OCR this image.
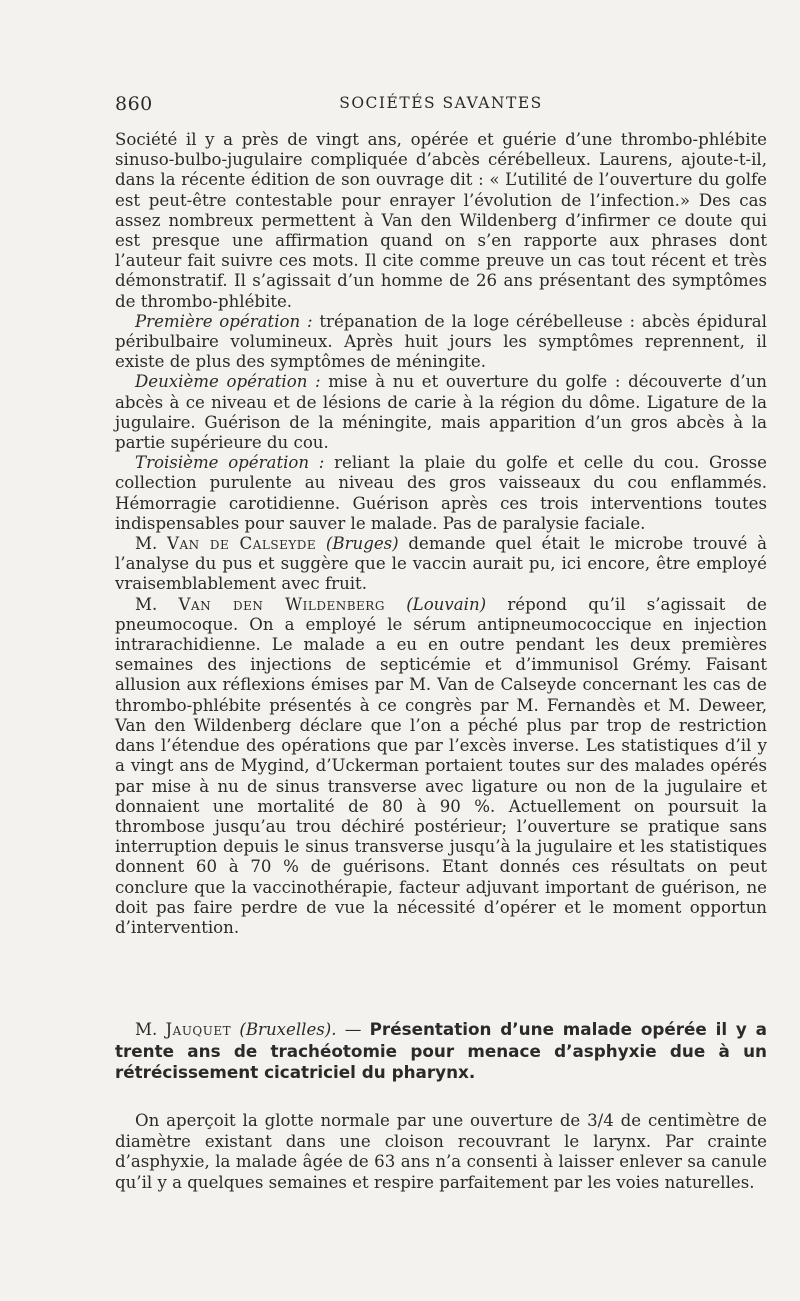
860	SOCIÉTÉS SAVANTES

Société il y a près de vingt ans, opérée et guérie d’une thrombo-phlébite sinuso-bulbo-jugulaire compliquée d’abcès cérébelleux. Laurens, ajoute-t-il, dans la récente édition de son ouvrage dit : « L’utilité de l’ouverture du golfe est peut-être contestable pour enrayer l’évolution de l’infection.» Des cas assez nombreux permettent à Van den Wildenberg d’infirmer ce doute qui est presque une affirmation quand on s’en rapporte aux phrases dont l’auteur fait suivre ces mots. Il cite comme preuve un cas tout récent et très démonstratif. Il s’agissait d’un homme de 26 ans présentant des symptômes de thrombo-phlébite.

Première opération : trépanation de la loge cérébelleuse : abcès épidural péribulbaire volumineux. Après huit jours les symptômes reprennent, il existe de plus des symptômes de méningite.

Deuxième opération : mise à nu et ouverture du golfe : découverte d’un abcès à ce niveau et de lésions de carie à la région du dôme. Ligature de la jugulaire. Guérison de la méningite, mais apparition d’un gros abcès à la partie supérieure du cou.

Troisième opération : reliant la plaie du golfe et celle du cou. Grosse collection purulente au niveau des gros vaisseaux du cou enflammés. Hémorragie carotidienne. Guérison après ces trois interventions toutes indispensables pour sauver le malade. Pas de paralysie faciale.

M. Van de Calseyde (Bruges) demande quel était le microbe trouvé à l’analyse du pus et suggère que le vaccin aurait pu, ici encore, être employé vraisemblablement avec fruit.

M. Van den Wildenberg (Louvain) répond qu’il s’agissait de pneumocoque. On a employé le sérum antipneumococcique en injection intrarachidienne. Le malade a eu en outre pendant les deux premières semaines des injections de septicémie et d’immunisol Grémy. Faisant allusion aux réflexions émises par M. Van de Calseyde concernant les cas de thrombo-phlébite présentés à ce congrès par M. Fernandès et M. Deweer, Van den Wildenberg déclare que l’on a péché plus par trop de restriction dans l’étendue des opérations que par l’excès inverse. Les statistiques d’il y a vingt ans de Mygind, d’Uckerman portaient toutes sur des malades opérés par mise à nu de sinus transverse avec ligature ou non de la jugulaire et donnaient une mortalité de 80 à 90 %. Actuellement on poursuit la thrombose jusqu’au trou déchiré postérieur; l’ouverture se pratique sans interruption depuis le sinus transverse jusqu’à la jugulaire et les statistiques donnent 60 à 70 % de guérisons. Etant donnés ces résultats on peut conclure que la vaccinothérapie, facteur adjuvant important de guérison, ne doit pas faire perdre de vue la nécessité d’opérer et le moment opportun d’intervention.

M. Jauquet (Bruxelles). — Présentation d’une malade opérée il y a trente ans de trachéotomie pour menace d’asphyxie due à un rétrécissement cicatriciel du pharynx.

On aperçoit la glotte normale par une ouverture de 3/4 de centimètre de diamètre existant dans une cloison recouvrant le larynx. Par crainte d’asphyxie, la malade âgée de 63 ans n’a consenti à laisser enlever sa canule qu’il y a quelques semaines et respire parfaitement par les voies naturelles.
